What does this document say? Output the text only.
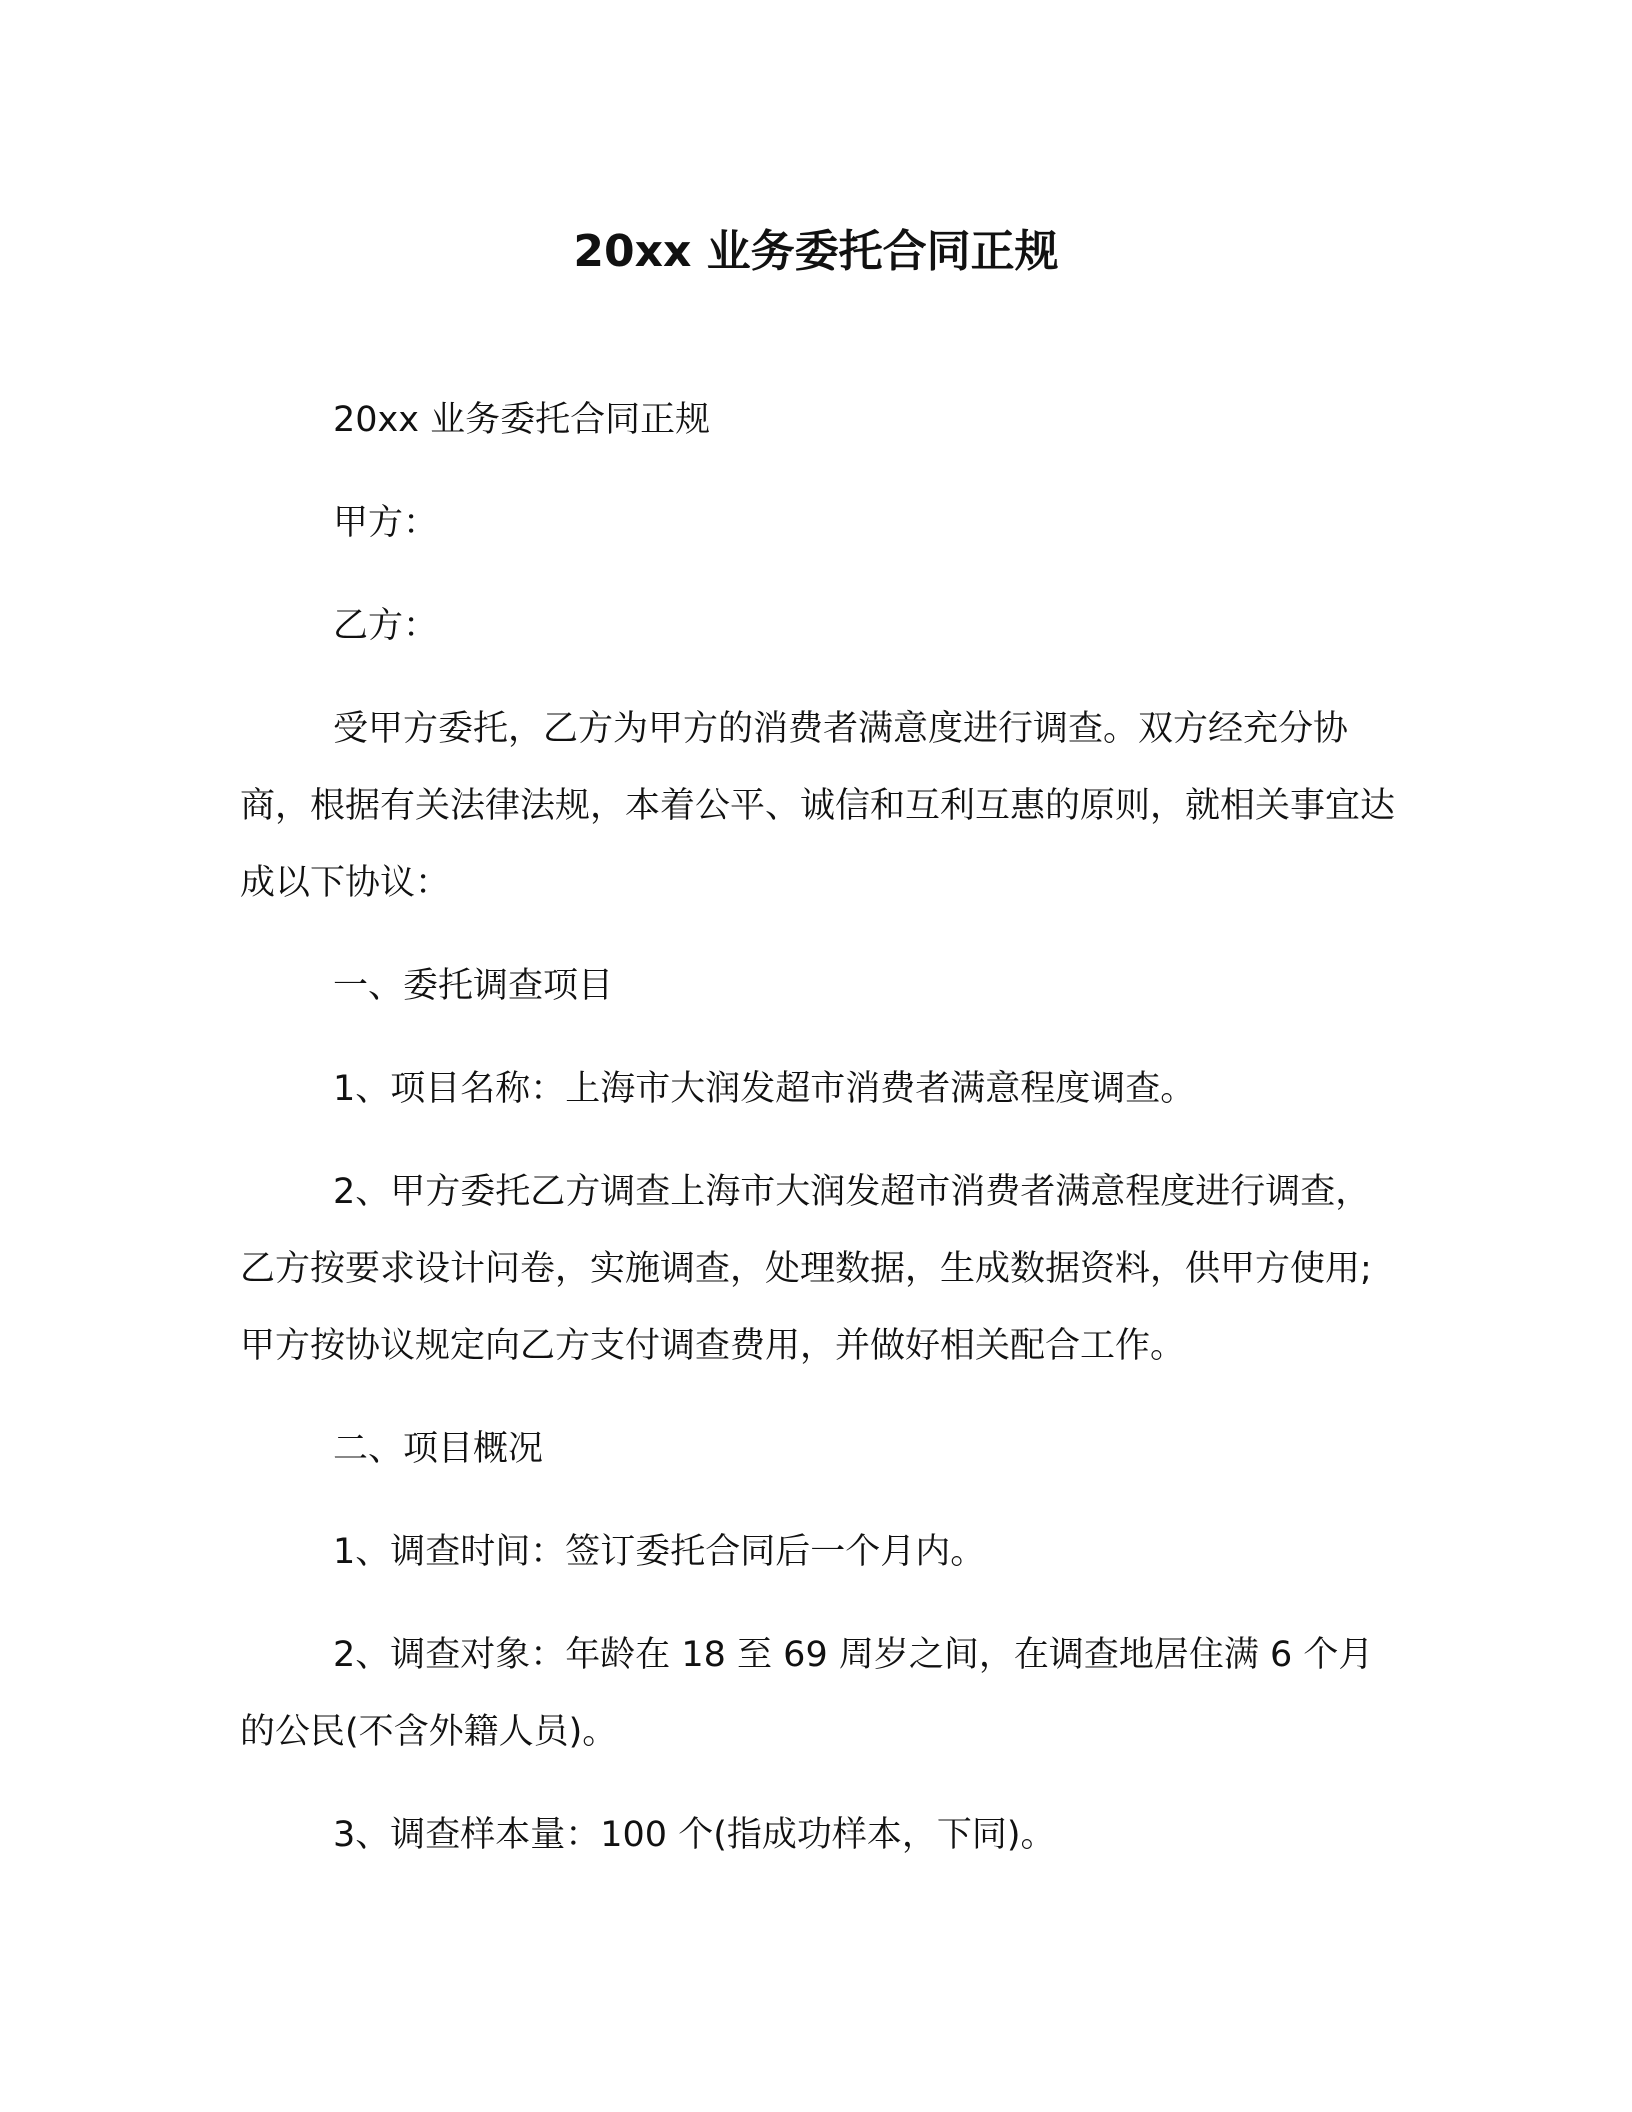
20xx 业务委托合同正规
20xx 业务委托合同正规
甲方：
乙方：

受甲方委托，乙方为甲方的消费者满意度进行调查。双方经充分协商，根据有关法律法规，本着公平、诚信和互利互惠的原则，就相关事宜达成以下协议：

一、委托调查项目
1、项目名称：上海市大润发超市消费者满意程度调查。

2、甲方委托乙方调查上海市大润发超市消费者满意程度进行调查，乙方按要求设计问卷，实施调查，处理数据，生成数据资料，供甲方使用;甲方按协议规定向乙方支付调查费用，并做好相关配合工作。

二、项目概况
1、调查时间：签订委托合同后一个月内。

2、调查对象：年龄在 18 至 69 周岁之间，在调查地居住满 6 个月的公民(不含外籍人员)。

3、调查样本量：100 个(指成功样本，下同)。
